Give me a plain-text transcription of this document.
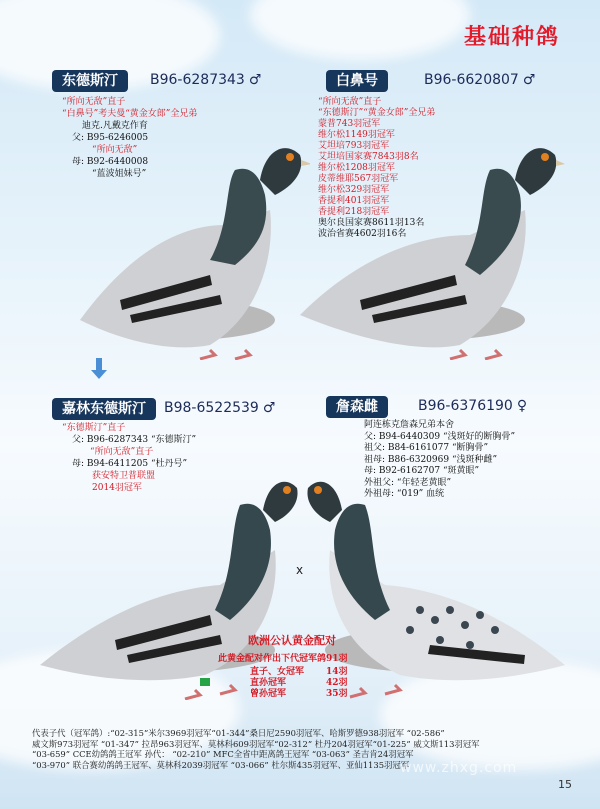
基础种鸽
东德斯汀	B96-6287343 ♂
“所向无敌”直子
“白鼻号”考夫曼“黄金女郎”全兄弟
迪克.凡戴克作育
父: B95-6246005
“所向无敌”
母: B92-6440008
“蓝波姐妹号”
白鼻号	B96-6620807 ♂
“所向无敌”直子
“东德斯汀”“黄金女郎”全兄弟
蒙普743羽冠军
维尔松1149羽冠军
艾坦培793羽冠军
艾坦培国家赛7843羽8名
维尔松1208羽冠军
皮蒂维耶567羽冠军
维尔松329羽冠军
香提利401羽冠军
香提利218羽冠军
奥尔良国家赛8611羽13名
波治省赛4602羽16名
嘉林东德斯汀	B98-6522539 ♂
“东德斯汀”直子
父: B96-6287343 “东德斯汀”
“所向无敌”直子
母: B94-6411205 “杜丹号”
获安特卫普联盟
2014羽冠军
詹森雌	B96-6376190 ♀
阿连栋克詹森兄弟本舍
父: B94-6440309 “浅斑好的断胸骨”
祖父: B84-6161077 “断胸骨”
祖母: B86-6320969 “浅斑种雌”
母: B92-6162707 “斑黄眼”
外祖父: “年轻老黄眼”
外祖母: “019” 血统
x
欧洲公认黄金配对
此黄金配对作出下代冠军鸽91羽
直子、女冠军 14羽
直孙冠军	42羽
曾孙冠军	35羽
代表子代（冠军鸽）:“02-315”米尔3969羽冠军“01-344”桑日尼2590羽冠军、哈斯罗德938羽冠军 “02-586”
威文斯973羽冠军 “01-347” 拉昂963羽冠军、莫林科609羽冠军“02-312” 杜丹204羽冠军“01-225” 威文斯113羽冠军
“03-659” CCE幼鸽鸽王冠军 孙代： “02-210” MFC全省中距离鸽王冠军 “03-063” 圣吉肯24羽冠军
“03-970” 联合赛幼鸽鸽王冠军、莫林科2039羽冠军 “03-066” 杜尔斯435羽冠军、亚仙1135羽冠军
www.zhxg.com
15
